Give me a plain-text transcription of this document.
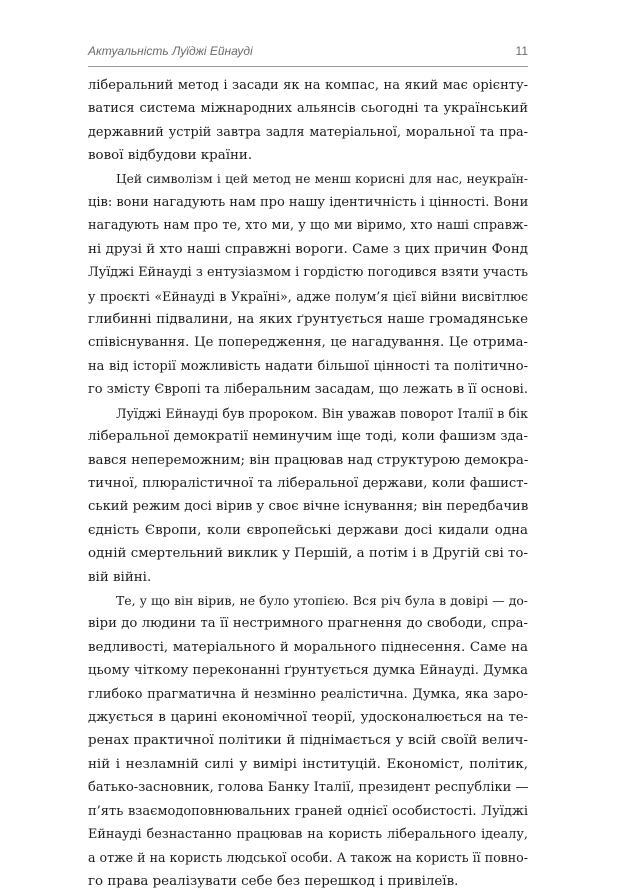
Актуальність Луїджі Ейнауді	11
ліберальний метод і засади як на компас, на який має орієнту-
ватися система міжнародних альянсів сьогодні та український
державний устрій завтра задля матеріальної, моральної та пра-
вової відбудови країни.
Цей символізм і цей метод не менш корисні для нас, неукраїн-
ців: вони нагадують нам про нашу ідентичність і цінності. Вони
нагадують нам про те, хто ми, у що ми віримо, хто наші справж-
ні друзі й хто наші справжні вороги. Саме з цих причин Фонд
Луїджі Ейнауді з ентузіазмом і гордістю погодився взяти участь
у проєкті «Ейнауді в Україні», адже полум’я цієї війни висвітлює
глибинні підвалини, на яких ґрунтується наше громадянське
співіснування. Це попередження, це нагадування. Це отрима-
на від історії можливість надати більшої цінності та політично-
го змісту Європі та ліберальним засадам, що лежать в її основі.
Луїджі Ейнауді був пророком. Він уважав поворот Італії в бік
ліберальної демократії неминучим іще тоді, коли фашизм зда-
вався непереможним; він працював над структурою демокра-
тичної, плюралістичної та ліберальної держави, коли фашист-
ський режим досі вірив у своє вічне існування; він передбачив
єдність Європи, коли європейські держави досі кидали одна
одній смертельний виклик у Першій, а потім і в Другій сві то-
вій війні.
Те, у що він вірив, не було утопією. Вся річ була в довірі — до-
віри до людини та її нестримного прагнення до свободи, спра-
ведливості, матеріального й морального піднесення. Саме на
цьому чіткому переконанні ґрунтується думка Ейнауді. Думка
глибоко прагматична й незмінно реалістична. Думка, яка заро-
джується в царині економічної теорії, удосконалюється на те-
ренах практичної політики й піднімається у всій своїй велич-
ній і незламній силі у вимірі інституцій. Економіст, політик,
батько-засновник, голова Банку Італії, президент республіки —
п’ять взаємодоповнювальних граней однієї особистості. Луїджі
Ейнауді безнастанно працював на користь ліберального ідеалу,
а отже й на користь людської особи. А також на користь її повно-
го права реалізувати себе без перешкод і привілеїв.
